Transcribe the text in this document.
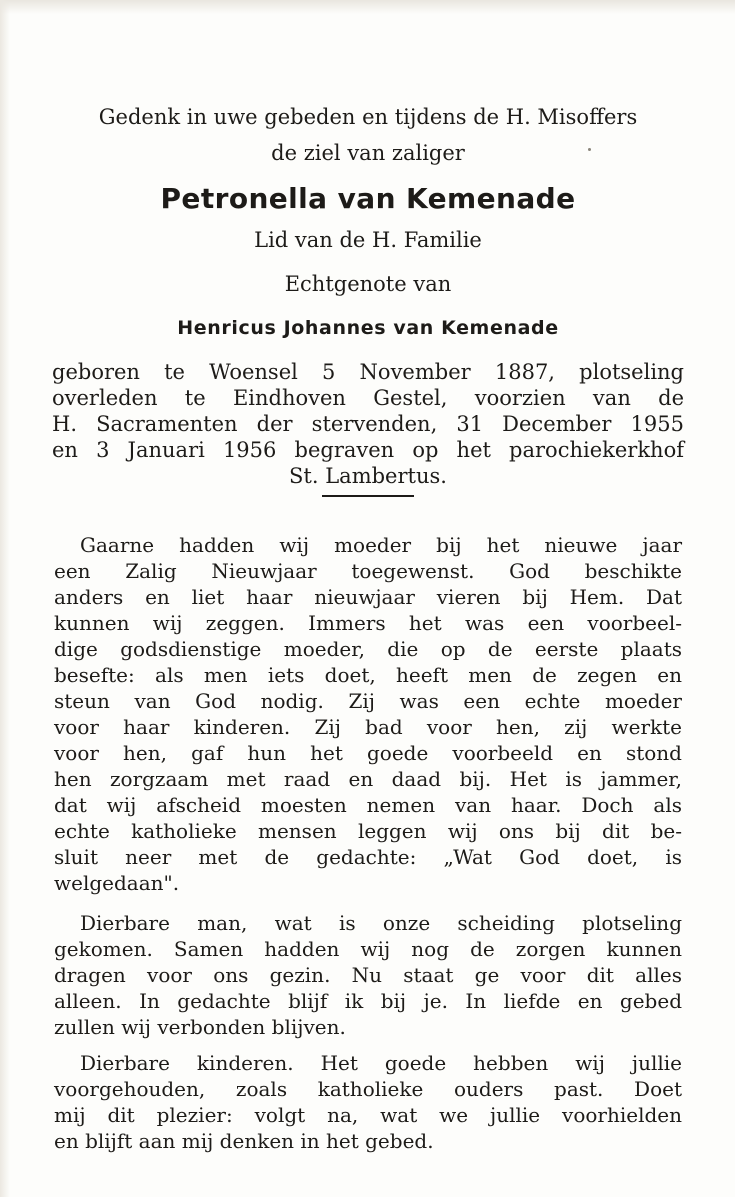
Gedenk in uwe gebeden en tijdens de H. Misoffers
de ziel van zaliger
Petronella van Kemenade
Lid van de H. Familie
Echtgenote van
Henricus Johannes van Kemenade
geboren te Woensel 5 November 1887, plotseling
overleden te Eindhoven Gestel, voorzien van de
H. Sacramenten der stervenden, 31 December 1955
en 3 Januari 1956 begraven op het parochiekerkhof
St. Lambertus.
Gaarne hadden wij moeder bij het nieuwe jaar
een Zalig Nieuwjaar toegewenst. God beschikte
anders en liet haar nieuwjaar vieren bij Hem. Dat
kunnen wij zeggen. Immers het was een voorbeel-
dige godsdienstige moeder, die op de eerste plaats
besefte: als men iets doet, heeft men de zegen en
steun van God nodig. Zij was een echte moeder
voor haar kinderen. Zij bad voor hen, zij werkte
voor hen, gaf hun het goede voorbeeld en stond
hen zorgzaam met raad en daad bij. Het is jammer,
dat wij afscheid moesten nemen van haar. Doch als
echte katholieke mensen leggen wij ons bij dit be-
sluit neer met de gedachte: „Wat God doet, is
welgedaan".
Dierbare man, wat is onze scheiding plotseling
gekomen. Samen hadden wij nog de zorgen kunnen
dragen voor ons gezin. Nu staat ge voor dit alles
alleen. In gedachte blijf ik bij je. In liefde en gebed
zullen wij verbonden blijven.
Dierbare kinderen. Het goede hebben wij jullie
voorgehouden, zoals katholieke ouders past. Doet
mij dit plezier: volgt na, wat we jullie voorhielden
en blijft aan mij denken in het gebed.
